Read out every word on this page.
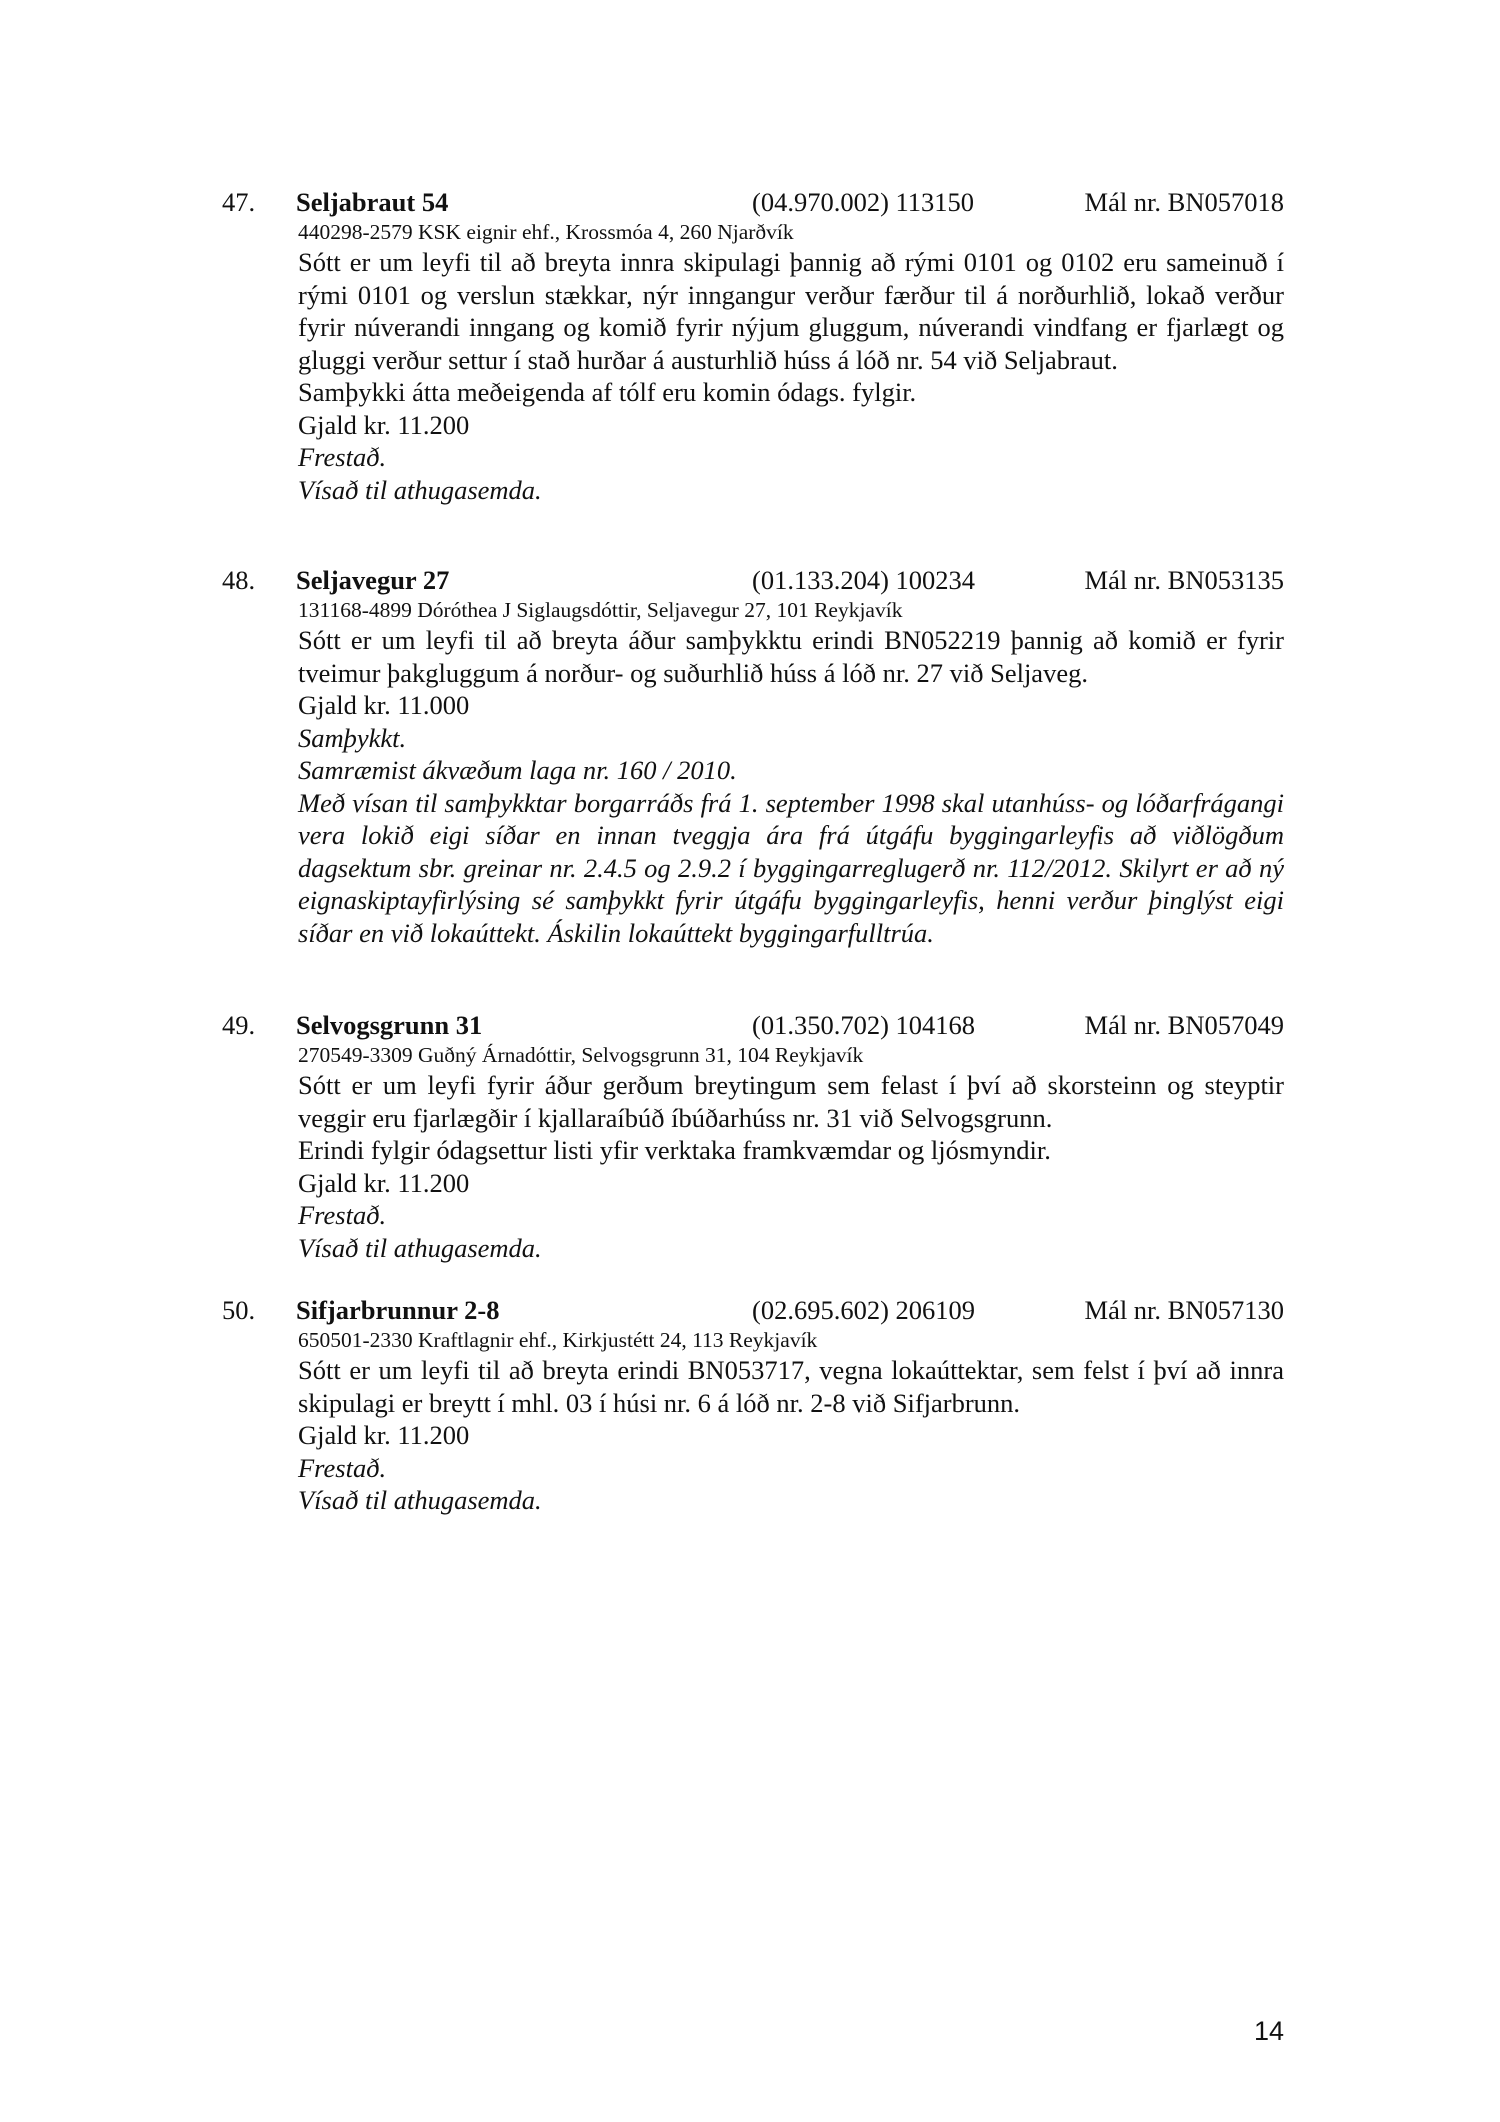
47. Seljabraut 54	(04.970.002) 113150	Mál nr. BN057018
440298-2579 KSK eignir ehf., Krossmóa 4, 260 Njarðvík
Sótt er um leyfi til að breyta innra skipulagi þannig að rými 0101 og 0102 eru sameinuð í rými 0101 og verslun stækkar, nýr inngangur verður færður til á norðurhlið, lokað verður fyrir núverandi inngang og komið fyrir nýjum gluggum, núverandi vindfang er fjarlægt og gluggi verður settur í stað hurðar á austurhlið húss á lóð nr. 54 við Seljabraut.
Samþykki átta meðeigenda af tólf eru komin ódags. fylgir.
Gjald kr. 11.200
Frestað.
Vísað til athugasemda.
48. Seljavegur 27	(01.133.204) 100234	Mál nr. BN053135
131168-4899 Dóróthea J Siglaugsdóttir, Seljavegur 27, 101 Reykjavík
Sótt er um leyfi til að breyta áður samþykktu erindi BN052219 þannig að komið er fyrir tveimur þakgluggum á norður- og suðurhlið húss á lóð nr. 27 við Seljaveg.
Gjald kr. 11.000
Samþykkt.
Samræmist ákvæðum laga nr. 160 / 2010.
Með vísan til samþykktar borgarráðs frá 1. september 1998 skal utanhúss- og lóðarfrágangi vera lokið eigi síðar en innan tveggja ára frá útgáfu byggingarleyfis að viðlögðum dagsektum sbr. greinar nr. 2.4.5 og 2.9.2 í byggingarreglugerð nr. 112/2012. Skilyrt er að ný eignaskiptayfirlýsing sé samþykkt fyrir útgáfu byggingarleyfis, henni verður þinglýst eigi síðar en við lokaúttekt. Áskilin lokaúttekt byggingarfulltrúa.
49. Selvogsgrunn 31	(01.350.702) 104168	Mál nr. BN057049
270549-3309 Guðný Árnadóttir, Selvogsgrunn 31, 104 Reykjavík
Sótt er um leyfi fyrir áður gerðum breytingum sem felast í því að skorsteinn og steyptir veggir eru fjarlægðir í kjallaraíbúð íbúðarhúss nr. 31 við Selvogsgrunn.
Erindi fylgir ódagsettur listi yfir verktaka framkvæmdar og ljósmyndir.
Gjald kr. 11.200
Frestað.
Vísað til athugasemda.
50. Sifjarbrunnur 2-8	(02.695.602) 206109	Mál nr. BN057130
650501-2330 Kraftlagnir ehf., Kirkjustétt 24, 113 Reykjavík
Sótt er um leyfi til að breyta erindi BN053717, vegna lokaúttektar, sem felst í því að innra skipulagi er breytt í mhl. 03 í húsi nr. 6 á lóð nr. 2-8 við Sifjarbrunn.
Gjald kr. 11.200
Frestað.
Vísað til athugasemda.
14
